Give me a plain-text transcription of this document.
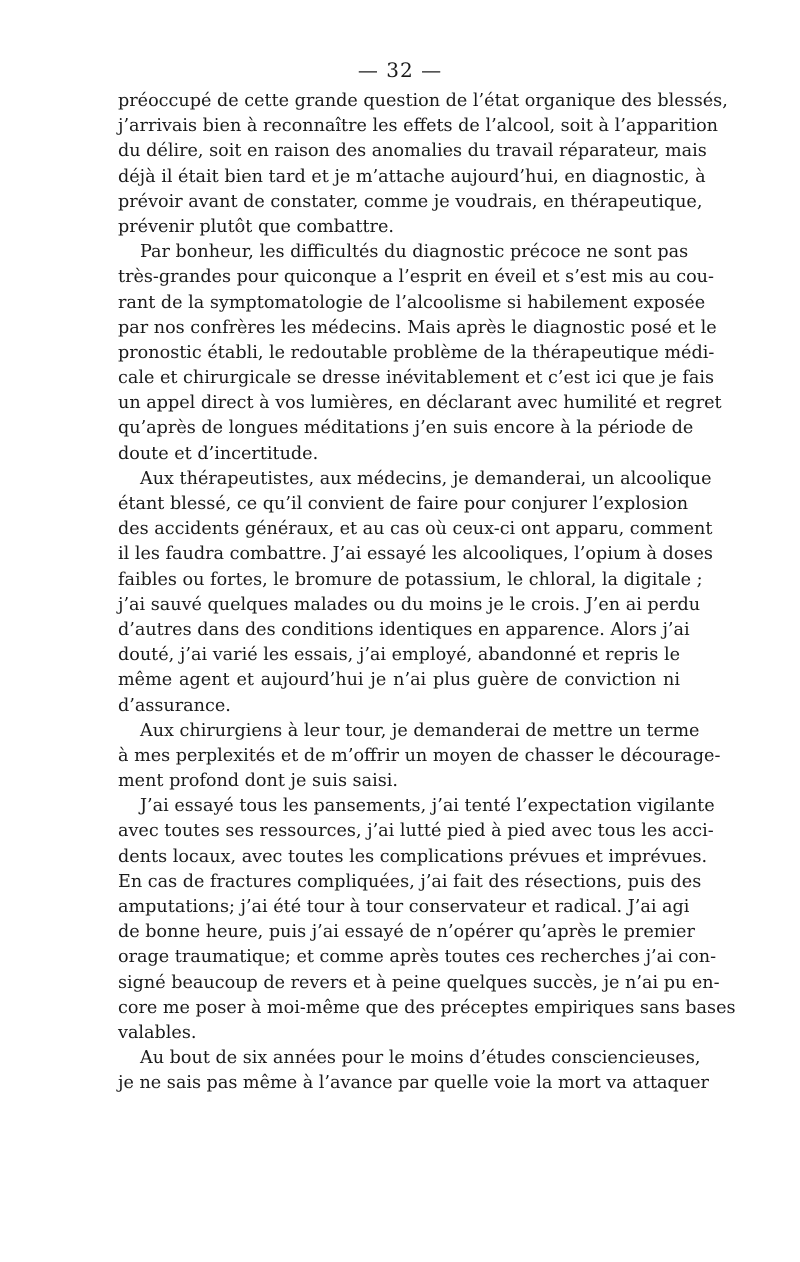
— 32 —
préoccupé de cette grande question de l’état organique des blessés,
j’arrivais bien à reconnaître les effets de l’alcool, soit à l’apparition
du délire, soit en raison des anomalies du travail réparateur, mais
déjà il était bien tard et je m’attache aujourd’hui, en diagnostic, à
prévoir avant de constater, comme je voudrais, en thérapeutique,
prévenir plutôt que combattre.
Par bonheur, les difficultés du diagnostic précoce ne sont pas
très-grandes pour quiconque a l’esprit en éveil et s’est mis au cou-
rant de la symptomatologie de l’alcoolisme si habilement exposée
par nos confrères les médecins. Mais après le diagnostic posé et le
pronostic établi, le redoutable problème de la thérapeutique médi-
cale et chirurgicale se dresse inévitablement et c’est ici que je fais
un appel direct à vos lumières, en déclarant avec humilité et regret
qu’après de longues méditations j’en suis encore à la période de
doute et d’incertitude.
Aux thérapeutistes, aux médecins, je demanderai, un alcoolique
étant blessé, ce qu’il convient de faire pour conjurer l’explosion
des accidents généraux, et au cas où ceux-ci ont apparu, comment
il les faudra combattre. J’ai essayé les alcooliques, l’opium à doses
faibles ou fortes, le bromure de potassium, le chloral, la digitale ;
j’ai sauvé quelques malades ou du moins je le crois. J’en ai perdu
d’autres dans des conditions identiques en apparence. Alors j’ai
douté, j’ai varié les essais, j’ai employé, abandonné et repris le
même agent et aujourd’hui je n’ai plus guère de conviction ni
d’assurance.
Aux chirurgiens à leur tour, je demanderai de mettre un terme
à mes perplexités et de m’offrir un moyen de chasser le décourage-
ment profond dont je suis saisi.
J’ai essayé tous les pansements, j’ai tenté l’expectation vigilante
avec toutes ses ressources, j’ai lutté pied à pied avec tous les acci-
dents locaux, avec toutes les complications prévues et imprévues.
En cas de fractures compliquées, j’ai fait des résections, puis des
amputations; j’ai été tour à tour conservateur et radical. J’ai agi
de bonne heure, puis j’ai essayé de n’opérer qu’après le premier
orage traumatique; et comme après toutes ces recherches j’ai con-
signé beaucoup de revers et à peine quelques succès, je n’ai pu en-
core me poser à moi-même que des préceptes empiriques sans bases
valables.
Au bout de six années pour le moins d’études consciencieuses,
je ne sais pas même à l’avance par quelle voie la mort va attaquer
